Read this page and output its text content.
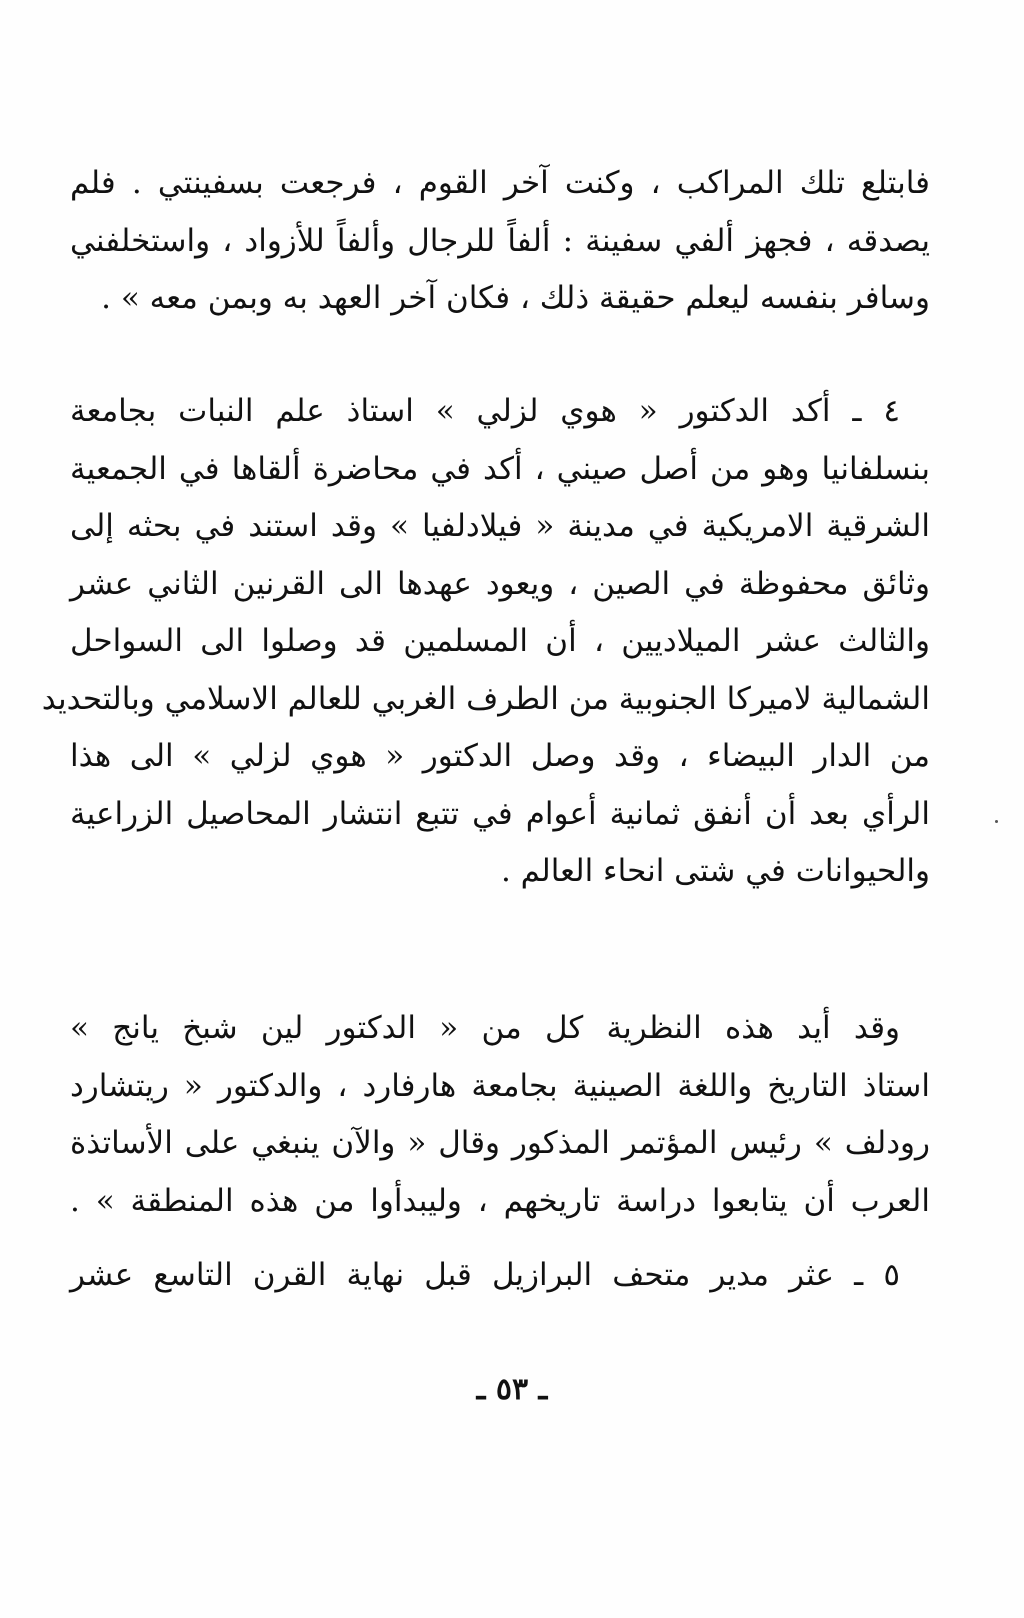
فابتلع تلك المراكب ، وكنت آخر القوم ، فرجعت بسفينتي . فلم
يصدقه ، فجهز ألفي سفينة : ألفاً للرجال وألفاً للأزواد ، واستخلفني
وسافر بنفسه ليعلم حقيقة ذلك ، فكان آخر العهد به وبمن معه » .
٤ ـ أكد الدكتور « هوي لزلي » استاذ علم النبات بجامعة
بنسلفانيا وهو من أصل صيني ، أكد في محاضرة ألقاها في الجمعية
الشرقية الامريكية في مدينة « فيلادلفيا » وقد استند في بحثه إلى
وثائق محفوظة في الصين ، ويعود عهدها الى القرنين الثاني عشر
والثالث عشر الميلاديين ، أن المسلمين قد وصلوا الى السواحل
الشمالية لاميركا الجنوبية من الطرف الغربي للعالم الاسلامي وبالتحديد
من الدار البيضاء ، وقد وصل الدكتور « هوي لزلي » الى هذا
الرأي بعد أن أنفق ثمانية أعوام في تتبع انتشار المحاصيل الزراعية
والحيوانات في شتى انحاء العالم .
وقد أيد هذه النظرية كل من « الدكتور لين شبخ يانج »
استاذ التاريخ واللغة الصينية بجامعة هارفارد ، والدكتور « ريتشارد
رودلف » رئيس المؤتمر المذكور وقال « والآن ينبغي على الأساتذة
العرب أن يتابعوا دراسة تاريخهم ، وليبدأوا من هذه المنطقة » .
٥ ـ عثر مدير متحف البرازيل قبل نهاية القرن التاسع عشر
ـ ٥٣ ـ
